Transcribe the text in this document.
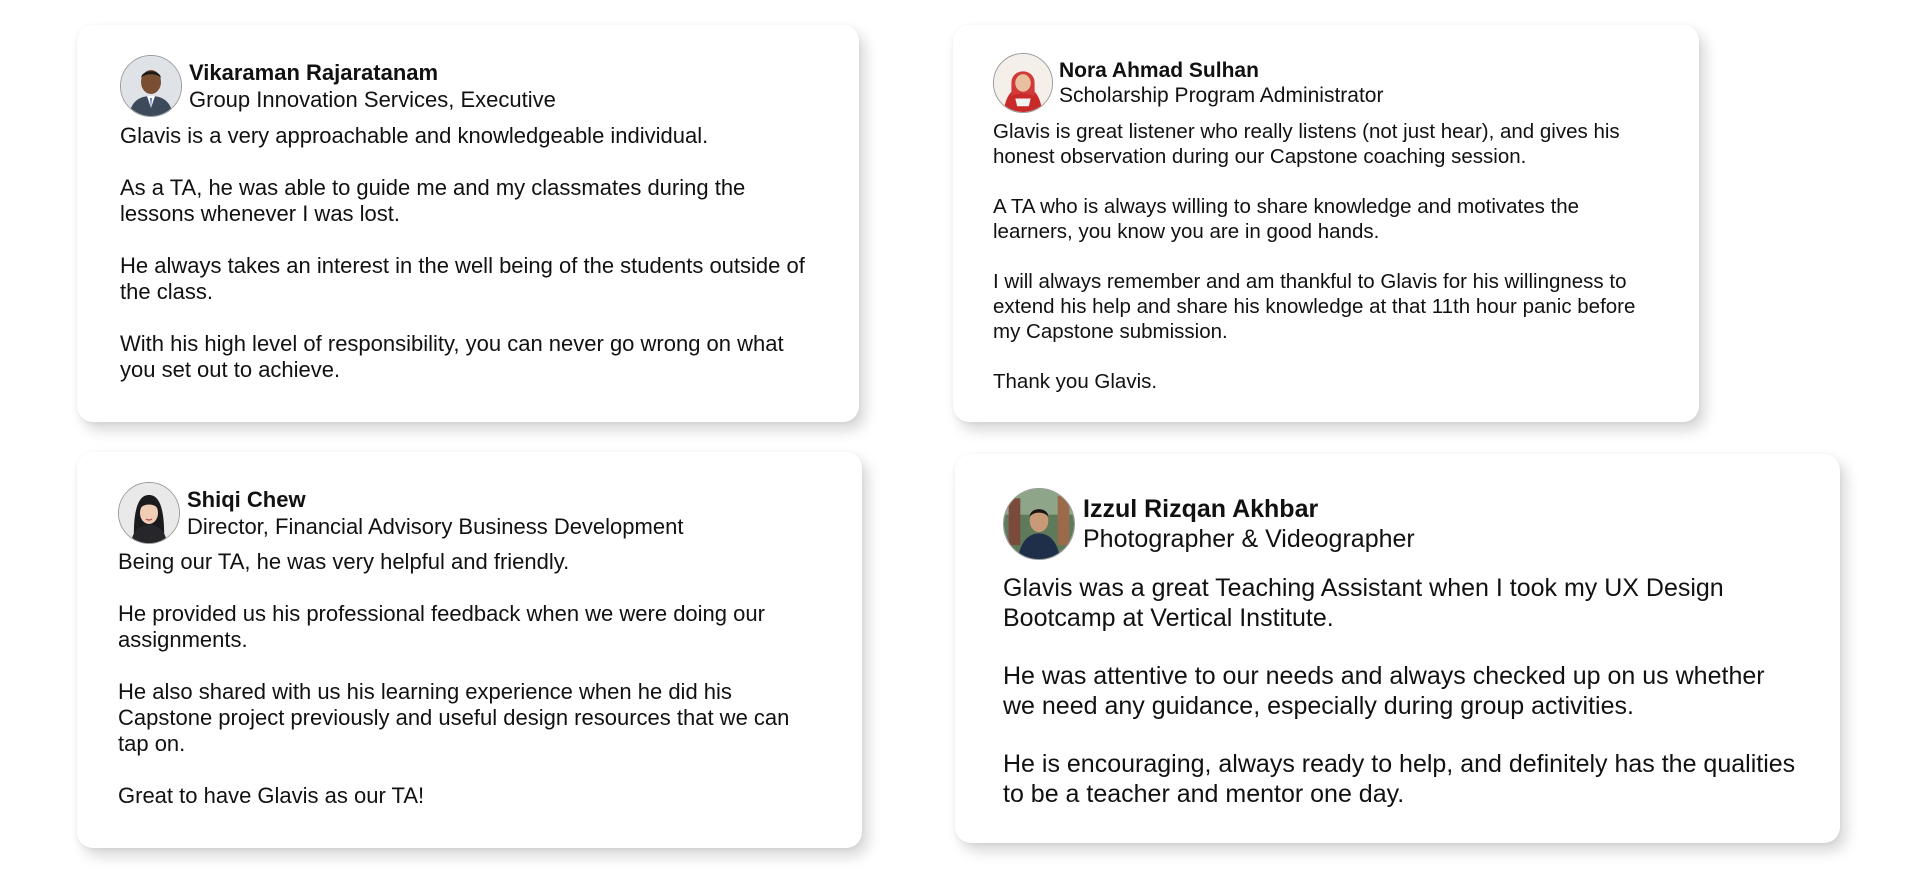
Vikaraman Rajaratanam
Group Innovation Services, Executive

Glavis is a very approachable and knowledgeable individual.

As a TA, he was able to guide me and my classmates during the lessons whenever I was lost.

He always takes an interest in the well being of the students outside of the class.

With his high level of responsibility, you can never go wrong on what you set out to achieve.

Nora Ahmad Sulhan
Scholarship Program Administrator

Glavis is great listener who really listens (not just hear), and gives his honest observation during our Capstone coaching session.

A TA who is always willing to share knowledge and motivates the learners, you know you are in good hands.

I will always remember and am thankful to Glavis for his willingness to extend his help and share his knowledge at that 11th hour panic before my Capstone submission.

Thank you Glavis.

Shiqi Chew
Director, Financial Advisory Business Development

Being our TA, he was very helpful and friendly.

He provided us his professional feedback when we were doing our assignments.

He also shared with us his learning experience when he did his Capstone project previously and useful design resources that we can tap on.

Great to have Glavis as our TA!

Izzul Rizqan Akhbar
Photographer & Videographer

Glavis was a great Teaching Assistant when I took my UX Design Bootcamp at Vertical Institute.

He was attentive to our needs and always checked up on us whether we need any guidance, especially during group activities.

He is encouraging, always ready to help, and definitely has the qualities to be a teacher and mentor one day.
